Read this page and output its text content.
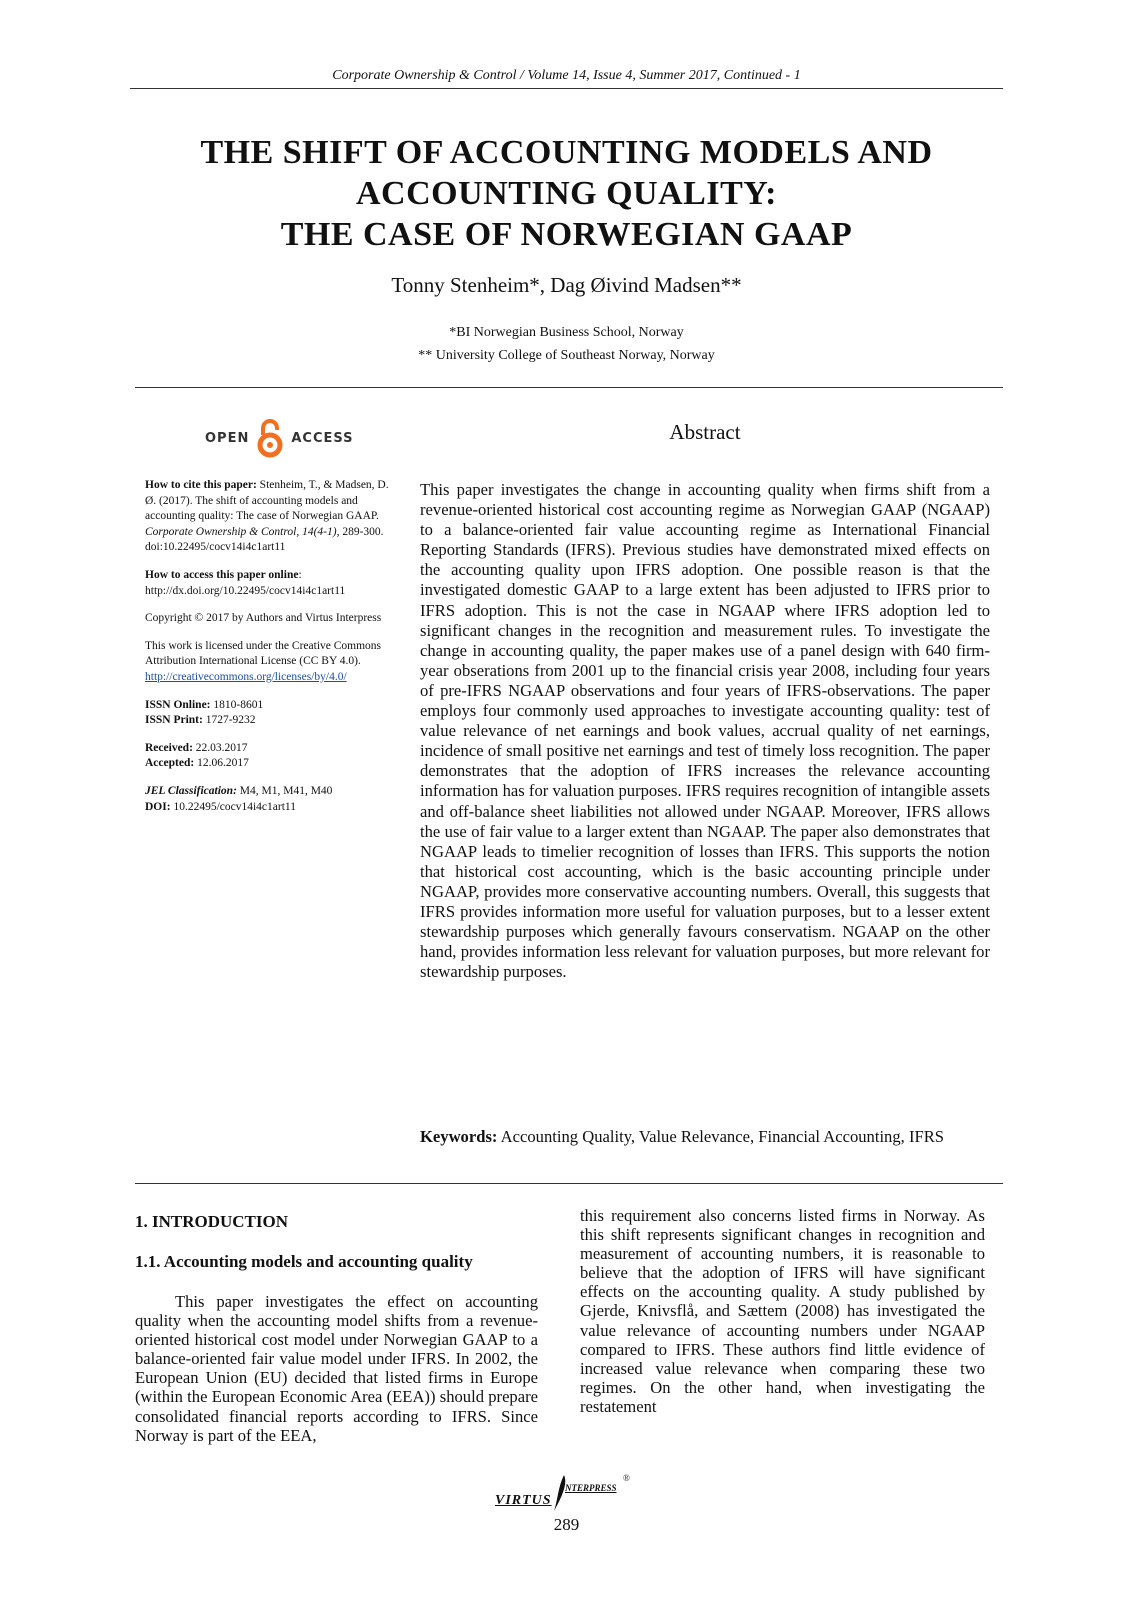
Corporate Ownership & Control / Volume 14, Issue 4, Summer 2017, Continued - 1
THE SHIFT OF ACCOUNTING MODELS AND
ACCOUNTING QUALITY:
THE CASE OF NORWEGIAN GAAP
Tonny Stenheim*, Dag Øivind Madsen**
*BI Norwegian Business School, Norway
** University College of Southeast Norway, Norway
OPEN	ACCESS

How to cite this paper: Stenheim, T., & Madsen, D. Ø. (2017). The shift of accounting models and accounting quality: The case of Norwegian GAAP. Corporate Ownership & Control, 14(4-1), 289-300. doi:10.22495/cocv14i4c1art11

How to access this paper online:
http://dx.doi.org/10.22495/cocv14i4c1art11

Copyright © 2017 by Authors and Virtus Interpress

This work is licensed under the Creative Commons Attribution International License (CC BY 4.0).
http://creativecommons.org/licenses/by/4.0/

ISSN Online: 1810-8601
ISSN Print: 1727-9232

Received: 22.03.2017
Accepted: 12.06.2017

JEL Classification: M4, M1, M41, M40
DOI: 10.22495/cocv14i4c1art11

Abstract
This paper investigates the change in accounting quality when firms shift from a revenue-oriented historical cost accounting regime as Norwegian GAAP (NGAAP) to a balance-oriented fair value accounting regime as International Financial Reporting Standards (IFRS). Previous studies have demonstrated mixed effects on the accounting quality upon IFRS adoption. One possible reason is that the investigated domestic GAAP to a large extent has been adjusted to IFRS prior to IFRS adoption. This is not the case in NGAAP where IFRS adoption led to significant changes in the recognition and measurement rules. To investigate the change in accounting quality, the paper makes use of a panel design with 640 firm-year obserations from 2001 up to the financial crisis year 2008, including four years of pre-IFRS NGAAP observations and four years of IFRS-observations. The paper employs four commonly used approaches to investigate accounting quality: test of value relevance of net earnings and book values, accrual quality of net earnings, incidence of small positive net earnings and test of timely loss recognition. The paper demonstrates that the adoption of IFRS increases the relevance accounting information has for valuation purposes. IFRS requires recognition of intangible assets and off-balance sheet liabilities not allowed under NGAAP. Moreover, IFRS allows the use of fair value to a larger extent than NGAAP. The paper also demonstrates that NGAAP leads to timelier recognition of losses than IFRS. This supports the notion that historical cost accounting, which is the basic accounting principle under NGAAP, provides more conservative accounting numbers. Overall, this suggests that IFRS provides information more useful for valuation purposes, but to a lesser extent stewardship purposes which generally favours conservatism. NGAAP on the other hand, provides information less relevant for valuation purposes, but more relevant for stewardship purposes.
Keywords: Accounting Quality, Value Relevance, Financial Accounting, IFRS
1. INTRODUCTION
1.1. Accounting models and accounting quality
This paper investigates the effect on accounting quality when the accounting model shifts from a revenue-oriented historical cost model under Norwegian GAAP to a balance-oriented fair value model under IFRS. In 2002, the European Union (EU) decided that listed firms in Europe (within the European Economic Area (EEA)) should prepare consolidated financial reports according to IFRS. Since Norway is part of the EEA,
this requirement also concerns listed firms in Norway. As this shift represents significant changes in recognition and measurement of accounting numbers, it is reasonable to believe that the adoption of IFRS will have significant effects on the accounting quality. A study published by Gjerde, Knivsflå, and Sættem (2008) has investigated the value relevance of accounting numbers under NGAAP compared to IFRS. These authors find little evidence of increased value relevance when comparing these two regimes. On the other hand, when investigating the restatement
VIRTUS
NTERPRESS
®
289
